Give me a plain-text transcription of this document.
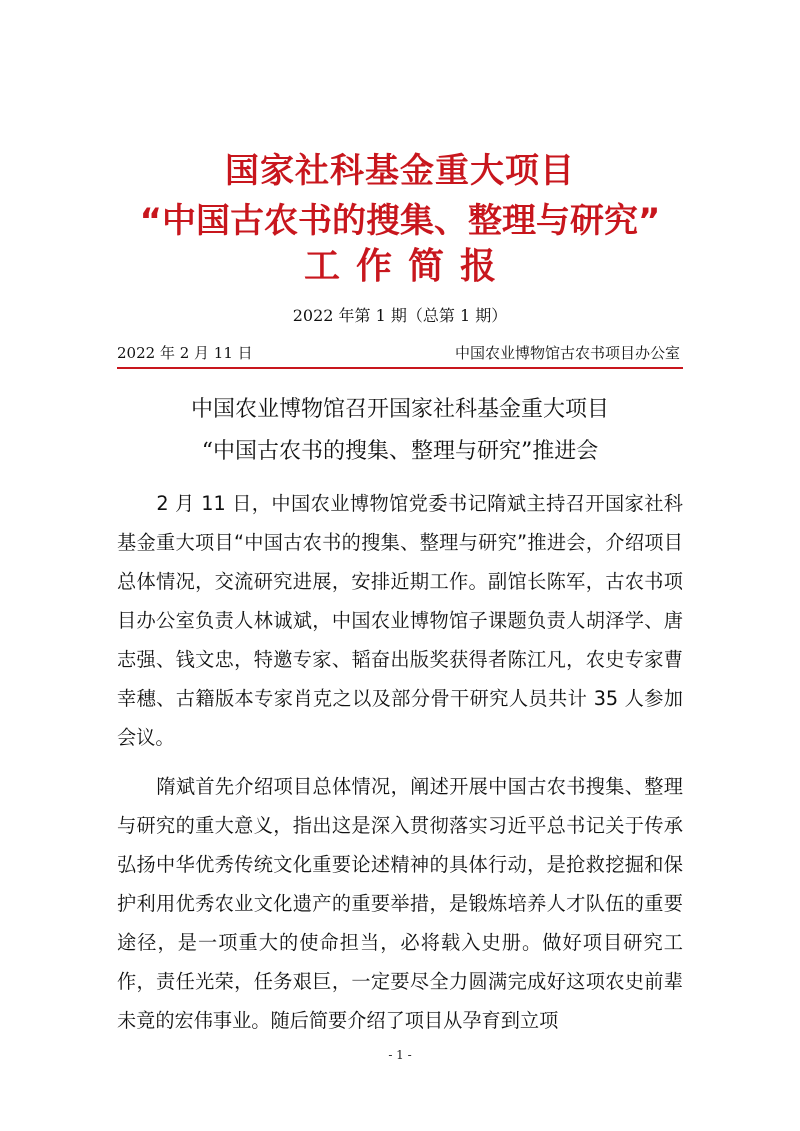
国家社科基金重大项目
“中国古农书的搜集、整理与研究”
工作简报
2022 年第 1 期（总第 1 期）
2022 年 2 月 11 日	中国农业博物馆古农书项目办公室
中国农业博物馆召开国家社科基金重大项目
“中国古农书的搜集、整理与研究”推进会

2 月 11 日，中国农业博物馆党委书记隋斌主持召开国家社科基金重大项目“中国古农书的搜集、整理与研究”推进会，介绍项目总体情况，交流研究进展，安排近期工作。副馆长陈军，古农书项目办公室负责人林诚斌，中国农业博物馆子课题负责人胡泽学、唐志强、钱文忠，特邀专家、韬奋出版奖获得者陈江凡，农史专家曹幸穗、古籍版本专家肖克之以及部分骨干研究人员共计 35 人参加会议。

隋斌首先介绍项目总体情况，阐述开展中国古农书搜集、整理与研究的重大意义，指出这是深入贯彻落实习近平总书记关于传承弘扬中华优秀传统文化重要论述精神的具体行动，是抢救挖掘和保护利用优秀农业文化遗产的重要举措，是锻炼培养人才队伍的重要途径，是一项重大的使命担当，必将载入史册。做好项目研究工作，责任光荣，任务艰巨，一定要尽全力圆满完成好这项农史前辈未竟的宏伟事业。随后简要介绍了项目从孕育到立项

- 1 -
